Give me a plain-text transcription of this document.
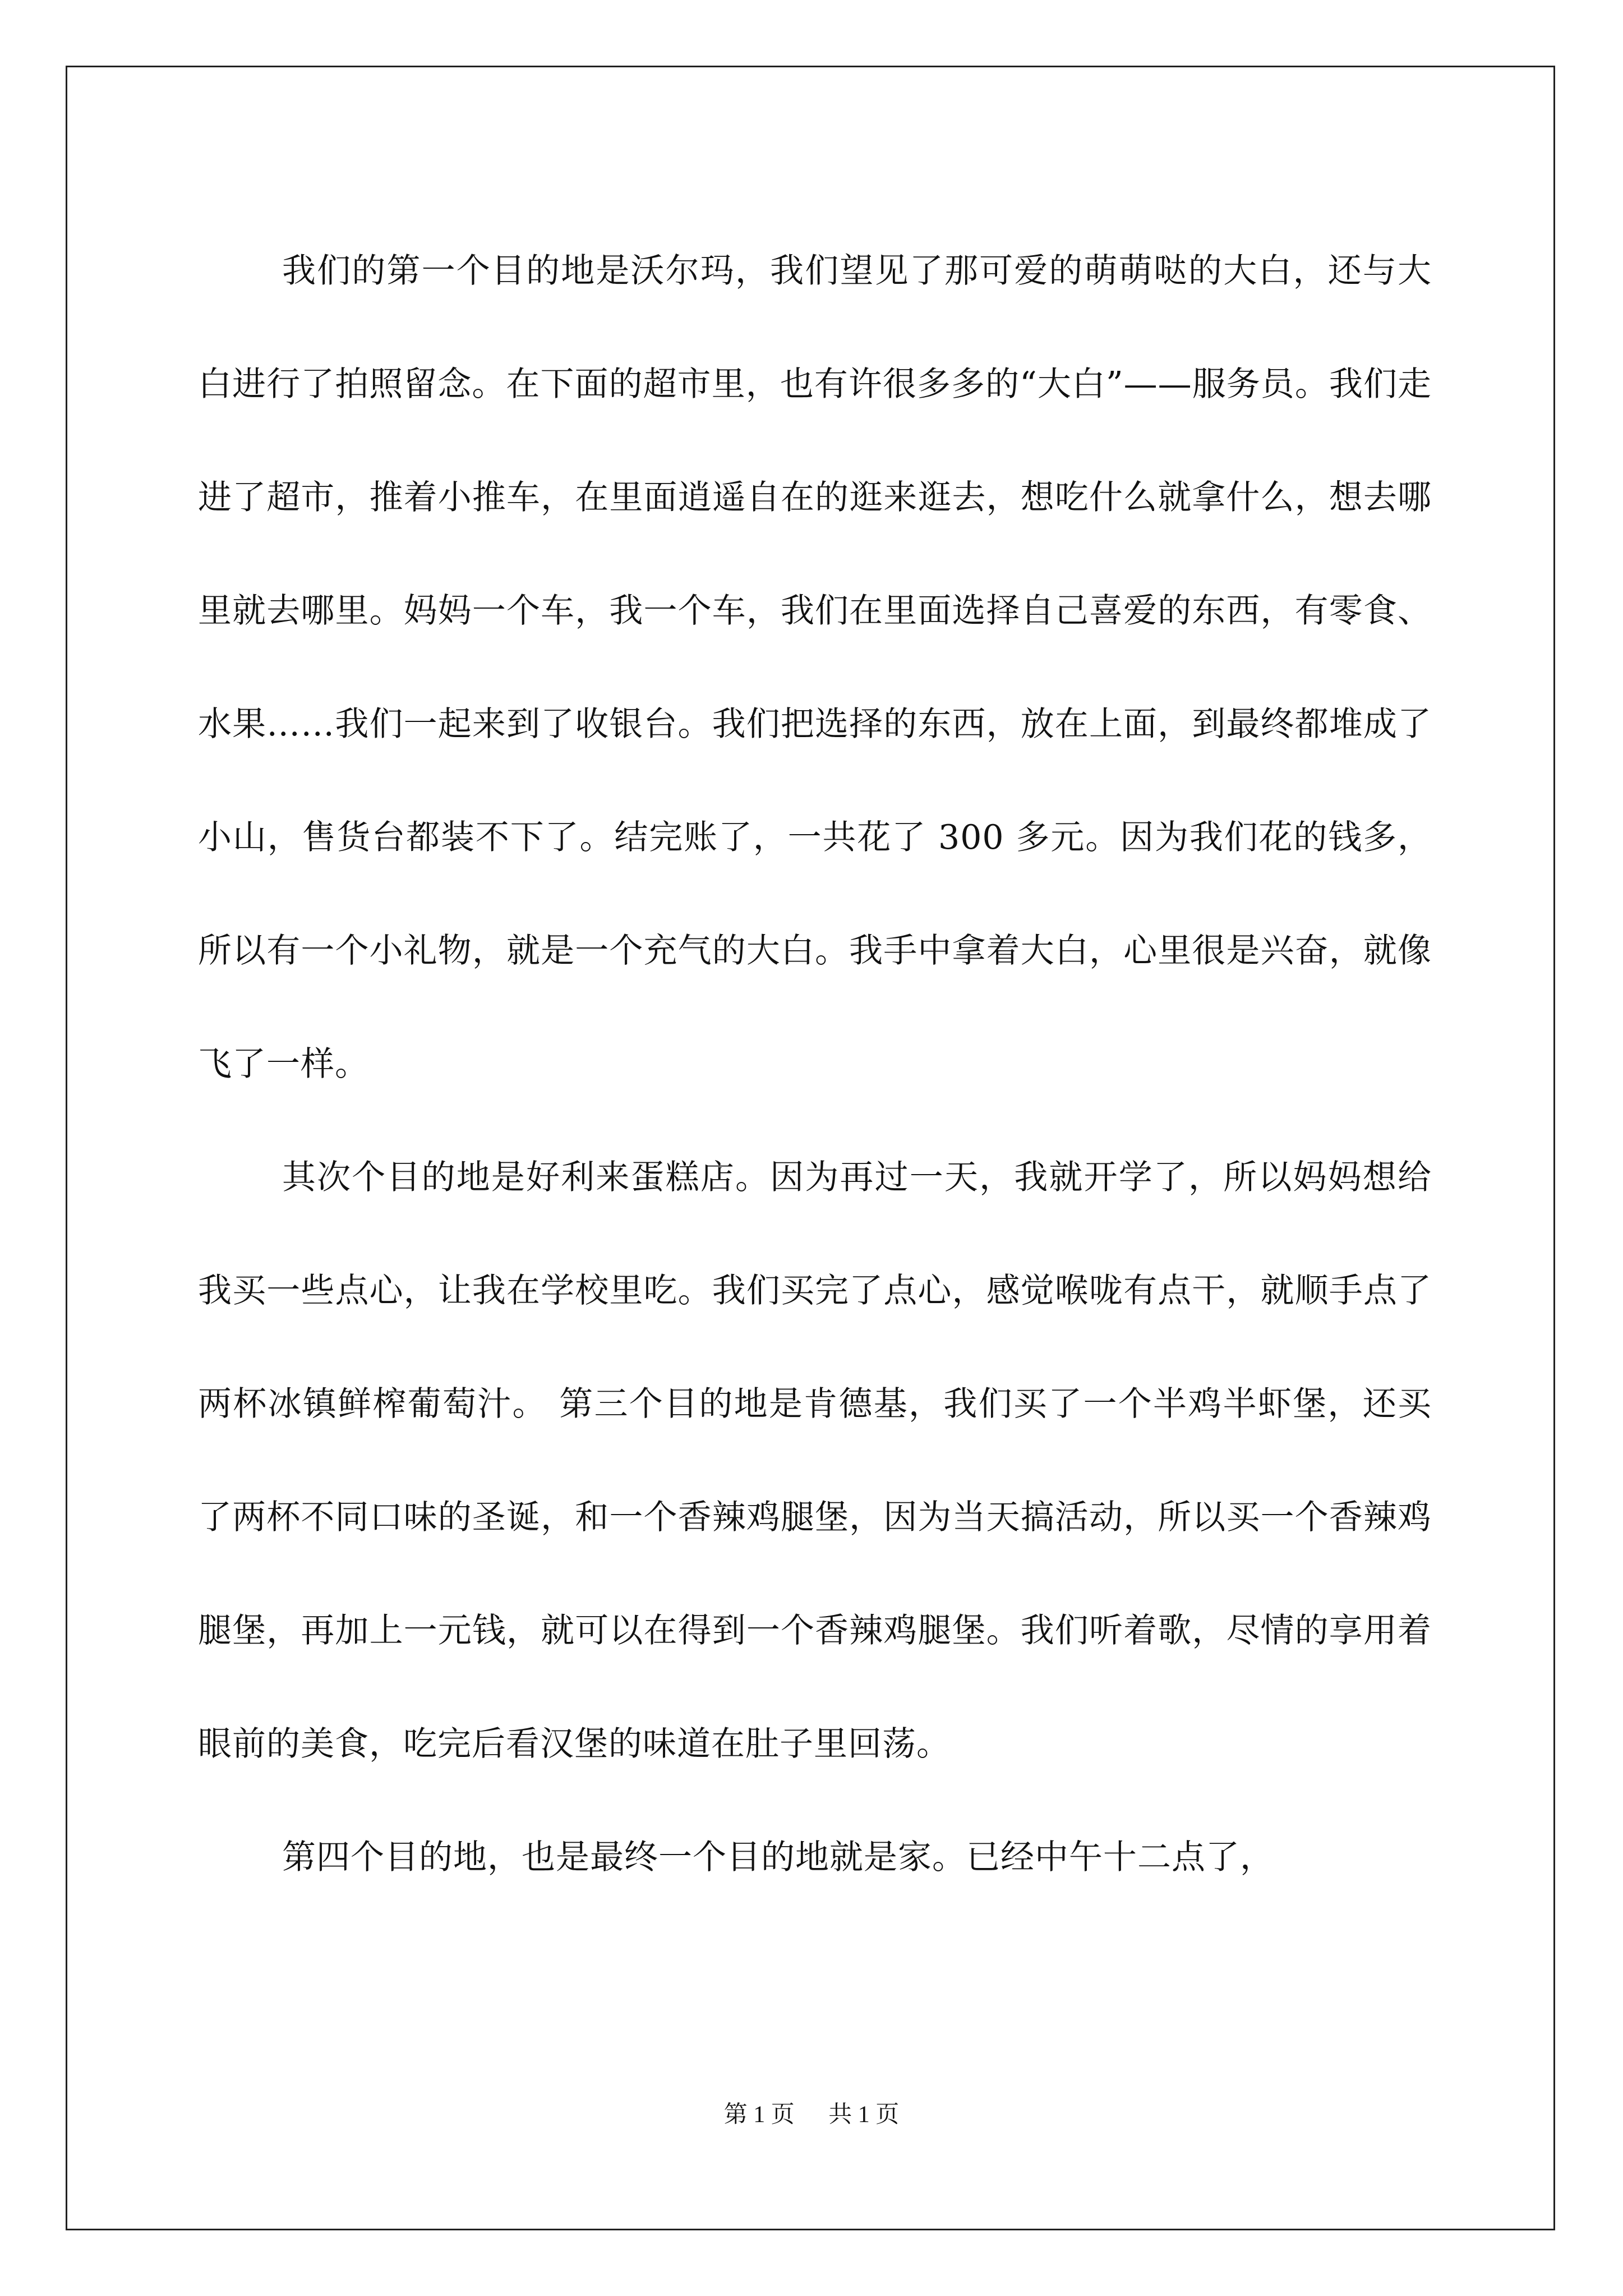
我们的第一个目的地是沃尔玛，我们望见了那可爱的萌萌哒的大白，还与大白进行了拍照留念。在下面的超市里，也有许很多多的“大白”——服务员。我们走进了超市，推着小推车，在里面逍遥自在的逛来逛去，想吃什么就拿什么，想去哪里就去哪里。妈妈一个车，我一个车，我们在里面选择自己喜爱的东西，有零食、水果……我们一起来到了收银台。我们把选择的东西，放在上面，到最终都堆成了小山，售货台都装不下了。结完账了，一共花了 300 多元。因为我们花的钱多，所以有一个小礼物，就是一个充气的大白。我手中拿着大白，心里很是兴奋，就像飞了一样。

其次个目的地是好利来蛋糕店。因为再过一天，我就开学了，所以妈妈想给我买一些点心，让我在学校里吃。我们买完了点心，感觉喉咙有点干，就顺手点了两杯冰镇鲜榨葡萄汁。 第三个目的地是肯德基，我们买了一个半鸡半虾堡，还买了两杯不同口味的圣诞，和一个香辣鸡腿堡，因为当天搞活动，所以买一个香辣鸡腿堡，再加上一元钱，就可以在得到一个香辣鸡腿堡。我们听着歌，尽情的享用着眼前的美食，吃完后看汉堡的味道在肚子里回荡。

第四个目的地，也是最终一个目的地就是家。已经中午十二点了，

第 1 页 共 1 页
